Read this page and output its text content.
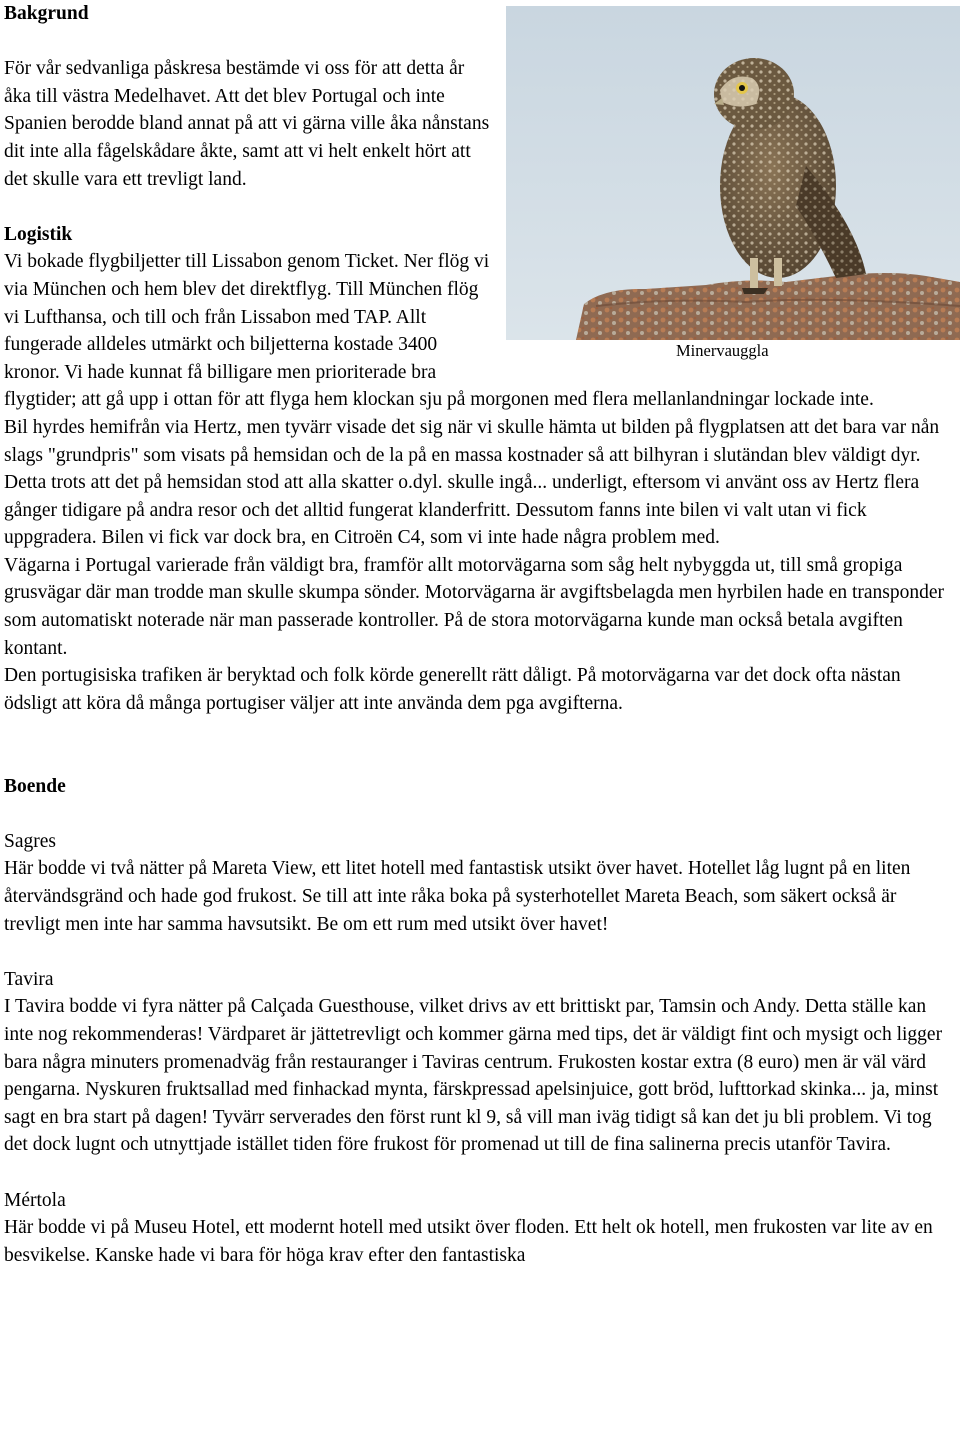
Minervauggla
Bakgrund

För vår sedvanliga påskresa bestämde vi oss för att detta år åka till västra Medelhavet. Att det blev Portugal och inte Spanien berodde bland annat på att vi gärna ville åka nånstans dit inte alla fågelskådare åkte, samt att vi helt enkelt hört att det skulle vara ett trevligt land.

Logistik

Vi bokade flygbiljetter till Lissabon genom Ticket. Ner flög vi via München och hem blev det direktflyg. Till München flög vi Lufthansa, och till och från Lissabon med TAP. Allt fungerade alldeles utmärkt och biljetterna kostade 3400 kronor. Vi hade kunnat få billigare men prioriterade bra flygtider; att gå upp i ottan för att flyga hem klockan sju på morgonen med flera mellanlandningar lockade inte.

Bil hyrdes hemifrån via Hertz, men tyvärr visade det sig när vi skulle hämta ut bilden på flygplatsen att det bara var nån slags "grundpris" som visats på hemsidan och de la på en massa kostnader så att bilhyran i slutändan blev väldigt dyr. Detta trots att det på hemsidan stod att alla skatter o.dyl. skulle ingå... underligt, eftersom vi använt oss av Hertz flera gånger tidigare på andra resor och det alltid fungerat klanderfritt. Dessutom fanns inte bilen vi valt utan vi fick uppgradera. Bilen vi fick var dock bra, en Citroën C4, som vi inte hade några problem med.

Vägarna i Portugal varierade från väldigt bra, framför allt motorvägarna som såg helt nybyggda ut, till små gropiga grusvägar där man trodde man skulle skumpa sönder. Motorvägarna är avgiftsbelagda men hyrbilen hade en transponder som automatiskt noterade när man passerade kontroller. På de stora motorvägarna kunde man också betala avgiften kontant.

Den portugisiska trafiken är beryktad och folk körde generellt rätt dåligt. På motorvägarna var det dock ofta nästan ödsligt att köra då många portugiser väljer att inte använda dem pga avgifterna.

Boende

Sagres

Här bodde vi två nätter på Mareta View, ett litet hotell med fantastisk utsikt över havet. Hotellet låg lugnt på en liten återvändsgränd och hade god frukost. Se till att inte råka boka på systerhotellet Mareta Beach, som säkert också är trevligt men inte har samma havsutsikt. Be om ett rum med utsikt över havet!

Tavira

I Tavira bodde vi fyra nätter på Calçada Guesthouse, vilket drivs av ett brittiskt par, Tamsin och Andy. Detta ställe kan inte nog rekommenderas! Värdparet är jättetrevligt och kommer gärna med tips, det är väldigt fint och mysigt och ligger bara några minuters promenadväg från restauranger i Taviras centrum. Frukosten kostar extra (8 euro) men är väl värd pengarna. Nyskuren fruktsallad med finhackad mynta, färskpressad apelsinjuice, gott bröd, lufttorkad skinka... ja, minst sagt en bra start på dagen! Tyvärr serverades den först runt kl 9, så vill man iväg tidigt så kan det ju bli problem. Vi tog det dock lugnt och utnyttjade istället tiden före frukost för promenad ut till de fina salinerna precis utanför Tavira.

Mértola

Här bodde vi på Museu Hotel, ett modernt hotell med utsikt över floden. Ett helt ok hotell, men frukosten var lite av en besvikelse. Kanske hade vi bara för höga krav efter den fantastiska
